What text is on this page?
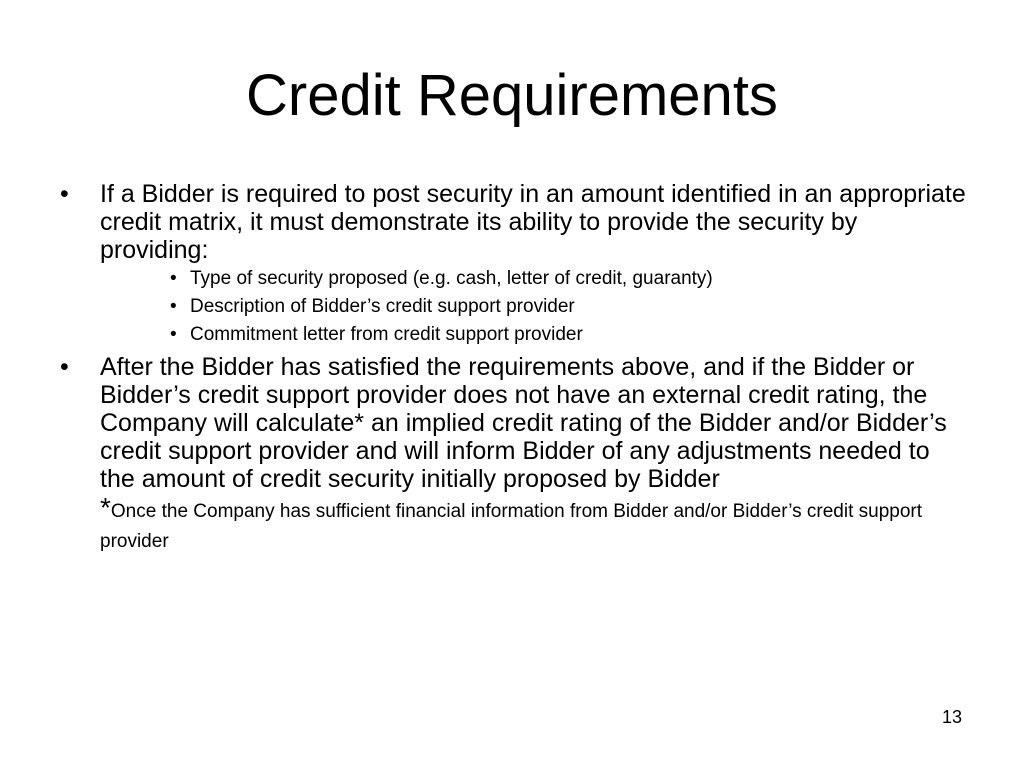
Credit Requirements
• If a Bidder is required to post security in an amount identified in an appropriate credit matrix, it must demonstrate its ability to provide the security by providing:
• Type of security proposed (e.g. cash, letter of credit, guaranty)
• Description of Bidder’s credit support provider
• Commitment letter from credit support provider
• After the Bidder has satisfied the requirements above, and if the Bidder or Bidder’s credit support provider does not have an external credit rating, the Company will calculate* an implied credit rating of the Bidder and/or Bidder’s credit support provider and will inform Bidder of any adjustments needed to the amount of credit security initially proposed by Bidder
*Once the Company has sufficient financial information from Bidder and/or Bidder’s credit support provider
13
